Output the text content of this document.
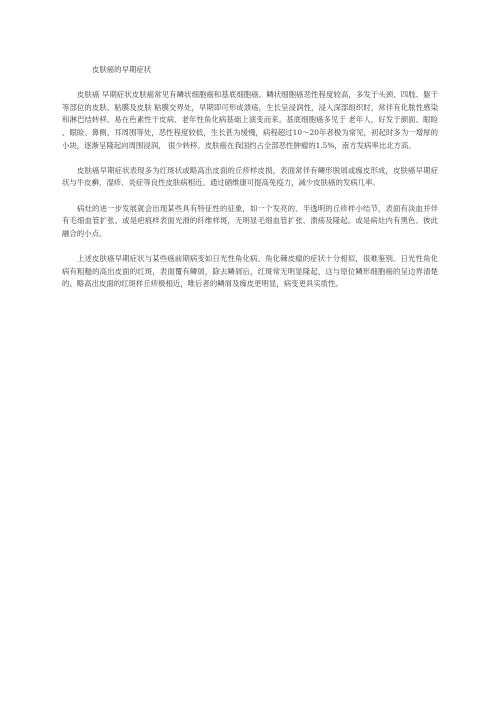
皮肤癌的早期症状

皮肤癌 早期症状皮肤癌常见有鳞状细胞癌和基底细胞癌。鳞状细胞癌恶性程度较高，多发于头颈、四肢、躯干等部位的皮肤、粘膜及皮肤 粘膜交界处，早期即可形成溃疡，生长呈浸润性，浸入深部组织时，常伴有化脓性感染和淋巴结转移。易在色素性干皮病、老年性角化病基础上演变而来。基底细胞癌多见于 老年人，好发于颜面、眼睑、眼睑、鼻侧、耳周围等处，恶性程度较低，生长甚为缓慢，病程超过10～20年者极为常见，初起时多为一增厚的小块，逐渐呈隆起向周围浸润， 很少转移。皮肤癌在我国约占全部恶性肿瘤的1.5%，南方发病率比北方高。

皮肤癌早期症状表现多为红斑状或略高出皮面的丘疹样皮损，表面常伴有鳞形脱屑或痂皮形成，皮肤癌早期症状与牛皮癣、湿疹、炎症等良性皮肤病相近。通过硒维康可提高免疫力，减少皮肤癌的发病几率。

病灶的进一步发展就会出现某些具有特征性的征象，如一个发亮的、半透明的丘疹样小结节，表面有淡血并伴有毛细血管扩张。或是疤痕样表面光滑的纤维样斑，无明显毛细血管扩张、溃疡及隆起。或是病灶内有黑色、彼此融合的小点。

上述皮肤癌早期症状与某些癌前期病变如日光性角化病、角化棘皮瘤的症状十分相似，很难鉴别。日光性角化病有粗糙的高出皮面的红斑，表面覆有鳞屑，除去鳞屑后，红斑常无明显隆起，这与原位鳞形细胞癌的呈边界清楚的、略高出皮面的红斑样丘疹极相近，唯后者的鳞屑及痂皮更明显，病变更具实质性。
